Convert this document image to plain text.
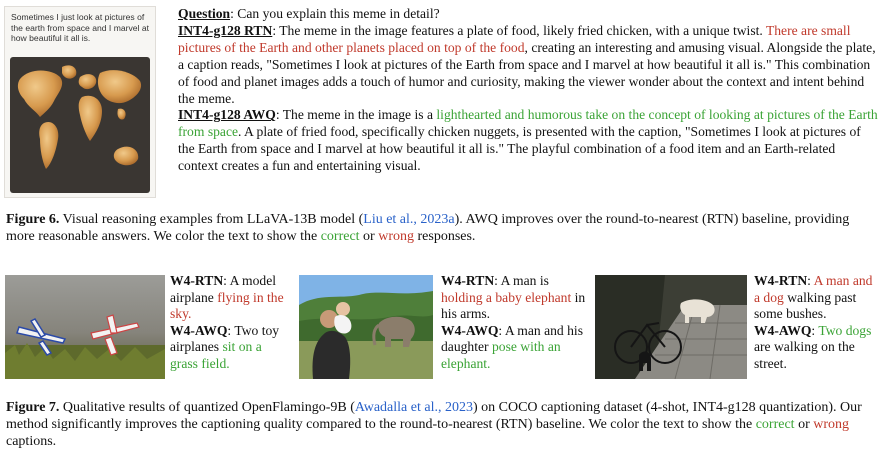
Sometimes I just look at pictures of the earth from space and I marvel at how beautiful it all is.

Question: Can you explain this meme in detail?

INT4-g128 RTN: The meme in the image features a plate of food, likely fried chicken, with a unique twist. There are small pictures of the Earth and other planets placed on top of the food, creating an interesting and amusing visual. Alongside the plate, a caption reads, "Sometimes I look at pictures of the Earth from space and I marvel at how beautiful it all is." This combination of food and planet images adds a touch of humor and curiosity, making the viewer wonder about the context and intent behind the meme.

INT4-g128 AWQ: The meme in the image is a lighthearted and humorous take on the concept of looking at pictures of the Earth from space. A plate of fried food, specifically chicken nuggets, is presented with the caption, "Sometimes I look at pictures of the Earth from space and I marvel at how beautiful it all is." The playful combination of a food item and an Earth-related context creates a fun and entertaining visual.

Figure 6. Visual reasoning examples from LLaVA-13B model (Liu et al., 2023a). AWQ improves over the round-to-nearest (RTN) baseline, providing more reasonable answers. We color the text to show the correct or wrong responses.

W4-RTN: A model airplane flying in the sky.

W4-AWQ: Two toy airplanes sit on a grass field.

W4-RTN: A man is holding a baby elephant in his arms.

W4-AWQ: A man and his daughter pose with an elephant.

W4-RTN: A man and a dog walking past some bushes.

W4-AWQ: Two dogs are walking on the street.

Figure 7. Qualitative results of quantized OpenFlamingo-9B (Awadalla et al., 2023) on COCO captioning dataset (4-shot, INT4-g128 quantization). Our method significantly improves the captioning quality compared to the round-to-nearest (RTN) baseline. We color the text to show the correct or wrong captions.
